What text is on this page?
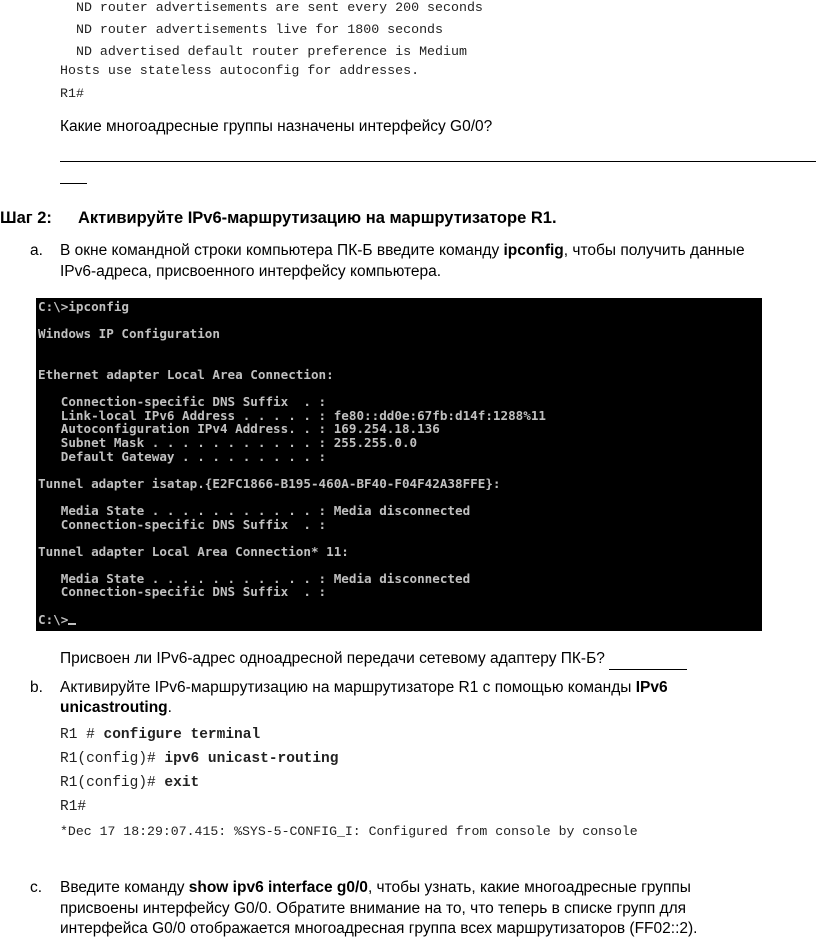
ND router advertisements are sent every 200 seconds
ND router advertisements live for 1800 seconds
ND advertised default router preference is Medium
Hosts use stateless autoconfig for addresses.
R1#
Какие многоадресные группы назначены интерфейсу G0/0?
Шаг 2: Активируйте IPv6-маршрутизацию на маршрутизаторе R1.
a. В окне командной строки компьютера ПК-Б введите команду ipconfig, чтобы получить данные
IPv6-адреса, присвоенного интерфейсу компьютера.
C:\>ipconfig
Windows IP Configuration
Ethernet adapter Local Area Connection:
Connection-specific DNS Suffix  . :
Link-local IPv6 Address . . . . . : fe80::dd0e:67fb:d14f:1288%11
Autoconfiguration IPv4 Address. . : 169.254.18.136
Subnet Mask . . . . . . . . . . . : 255.255.0.0
Default Gateway . . . . . . . . . :
Tunnel adapter isatap.{E2FC1866-B195-460A-BF40-F04F42A38FFE}:
Media State . . . . . . . . . . . : Media disconnected
Connection-specific DNS Suffix  . :
Tunnel adapter Local Area Connection* 11:
Media State . . . . . . . . . . . : Media disconnected
Connection-specific DNS Suffix  . :
C:\>
Присвоен ли IPv6-адрес одноадресной передачи сетевому адаптеру ПК-Б?
b. Активируйте IPv6-маршрутизацию на маршрутизаторе R1 с помощью команды IPv6
unicastrouting.
R1 # configure terminal
R1(config)# ipv6 unicast-routing
R1(config)# exit
R1#
*Dec 17 18:29:07.415: %SYS-5-CONFIG_I: Configured from console by console
c. Введите команду show ipv6 interface g0/0, чтобы узнать, какие многоадресные группы
присвоены интерфейсу G0/0. Обратите внимание на то, что теперь в списке групп для
интерфейса G0/0 отображается многоадресная группа всех маршрутизаторов (FF02::2).
